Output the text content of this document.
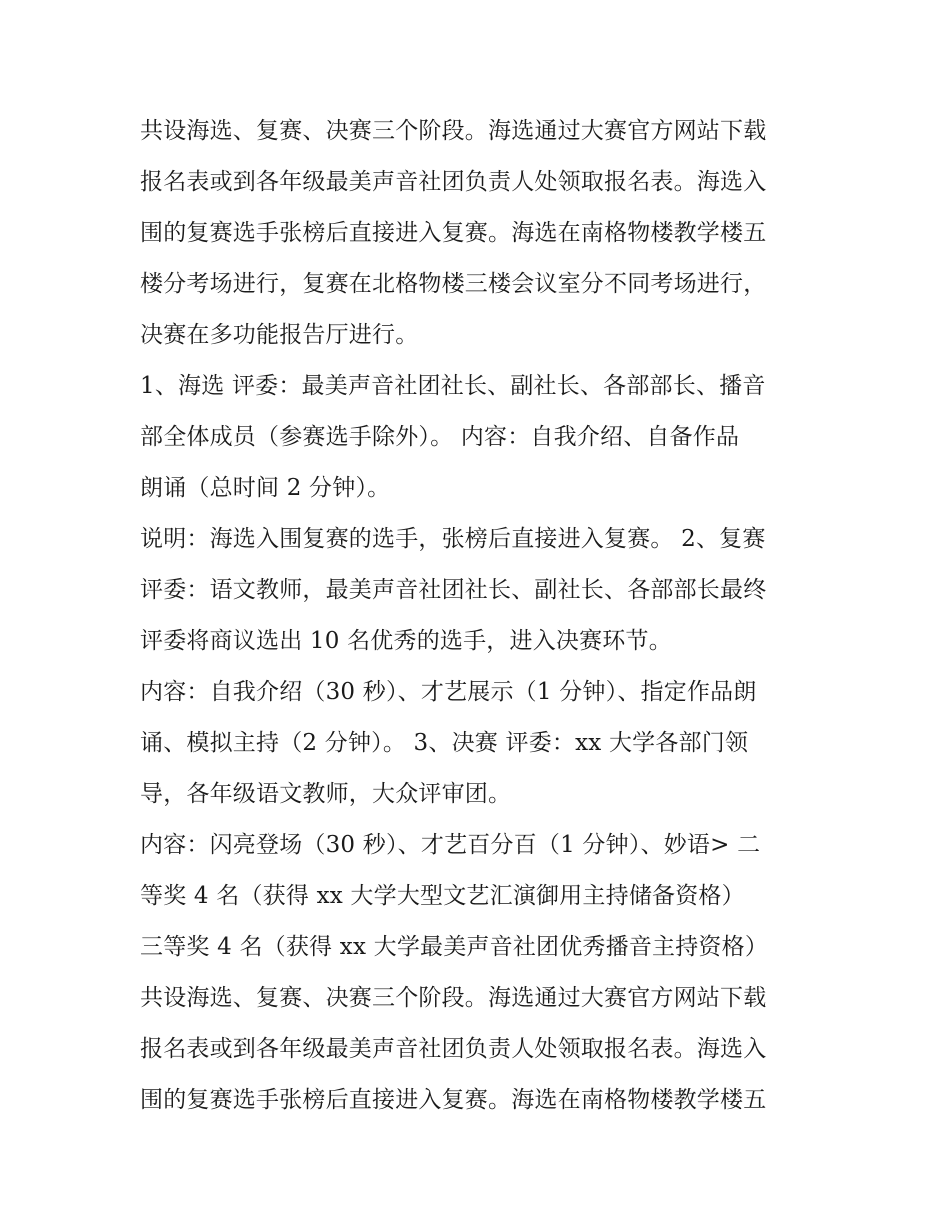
共设海选、复赛、决赛三个阶段。海选通过大赛官方网站下载
报名表或到各年级最美声音社团负责人处领取报名表。海选入
围的复赛选手张榜后直接进入复赛。海选在南格物楼教学楼五
楼分考场进行，复赛在北格物楼三楼会议室分不同考场进行，
决赛在多功能报告厅进行。
1、海选 评委：最美声音社团社长、副社长、各部部长、播音
部全体成员（参赛选手除外）。 内容：自我介绍、自备作品
朗诵（总时间 2 分钟）。
说明：海选入围复赛的选手，张榜后直接进入复赛。 2、复赛
评委：语文教师，最美声音社团社长、副社长、各部部长最终
评委将商议选出 10 名优秀的选手，进入决赛环节。
内容：自我介绍（30 秒）、才艺展示（1 分钟）、指定作品朗
诵、模拟主持（2 分钟）。 3、决赛 评委：xx 大学各部门领
导，各年级语文教师，大众评审团。
内容：闪亮登场（30 秒）、才艺百分百（1 分钟）、妙语> 二
等奖 4 名（获得 xx 大学大型文艺汇演御用主持储备资格）
三等奖 4 名（获得 xx 大学最美声音社团优秀播音主持资格）
共设海选、复赛、决赛三个阶段。海选通过大赛官方网站下载
报名表或到各年级最美声音社团负责人处领取报名表。海选入
围的复赛选手张榜后直接进入复赛。海选在南格物楼教学楼五
